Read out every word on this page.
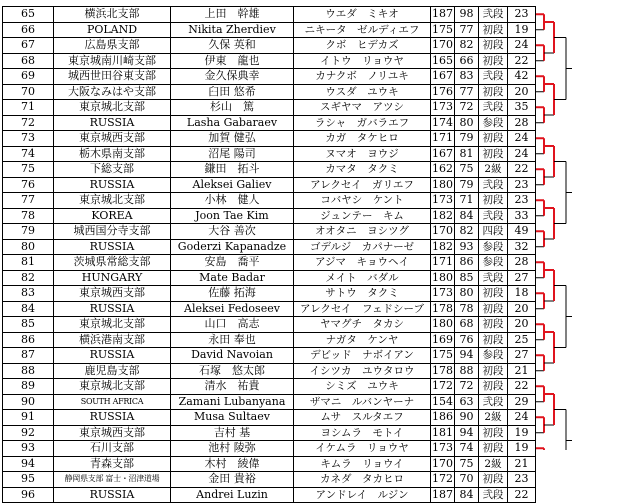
65	横浜北支部	上田　幹雄	ウエダ　ミキオ	187	98	弐段	23
66	POLAND	Nikita Zherdiev	ニキータ　ゼルディエフ	175	77	初段	19
67	広島県支部	久保 英和	クボ　ヒデカズ	170	82	初段	24
68	東京城南川崎支部	伊東　龍也	イトウ　リョウヤ	165	66	初段	22
69	城西世田谷東支部	金久保典幸	カナクボ　ノリユキ	167	83	弐段	42
70	大阪なみはや支部	臼田 悠希	ウスダ　ユウキ	176	77	初段	20
71	東京城北支部	杉山　篤	スギヤマ　アツシ	173	72	弐段	35
72	RUSSIA	Lasha Gabaraev	ラシャ　ガバラエフ	174	80	参段	28
73	東京城西支部	加賀 健弘	カガ　タケヒロ	171	79	初段	24
74	栃木県南支部	沼尾 陽司	ヌマオ　ヨウジ	167	81	初段	24
75	下総支部	鎌田　拓斗	カマタ　タクミ	162	75	2級	22
76	RUSSIA	Aleksei Galiev	アレクセイ　ガリエフ	180	79	弐段	23
77	東京城北支部	小林　健人	コバヤシ　ケント	173	71	初段	23
78	KOREA	Joon Tae Kim	ジュンテー　キム	182	84	弐段	33
79	城西国分寺支部	大谷 善次	オオタニ　ヨシツグ	170	82	四段	49
80	RUSSIA	Goderzi Kapanadze	ゴデルジ　カパナーゼ	182	93	参段	32
81	茨城県常総支部	安島　喬平	アジマ　キョウヘイ	171	86	参段	28
82	HUNGARY	Mate Badar	メイト　バダル	180	85	弐段	27
83	東京城西支部	佐藤 拓海	サトウ　タクミ	173	80	初段	18
84	RUSSIA	Aleksei Fedoseev	アレクセイ　フェドシーブ	178	78	初段	20
85	東京城北支部	山口　高志	ヤマグチ　タカシ	180	68	初段	20
86	横浜港南支部	永田 奉也	ナガタ　ケンヤ	169	76	初段	25
87	RUSSIA	David Navoian	デビッド　ナボイアン	175	94	参段	27
88	鹿児島支部	石塚　悠太郎	イシツカ　ユウタロウ	178	88	初段	21
89	東京城北支部	清水　祐貴	シミズ　ユウキ	172	72	初段	22
90	SOUTH AFRICA	Zamani Lubanyana	ザマニ　ルバンヤーナ	154	63	弐段	29
91	RUSSIA	Musa Sultaev	ムサ　スルタエフ	186	90	2級	24
92	東京城西支部	吉村 基	ヨシムラ　モトイ	181	94	初段	19
93	石川支部	池村 陵弥	イケムラ　リョウヤ	173	74	初段	19
94	青森支部	木村　綾偉	キムラ　リョウイ	170	75	2級	21
95	静岡県支部 富士・沼津道場	金田 貴裕	カネダ　タカヒロ	172	70	初段	23
96	RUSSIA	Andrei Luzin	アンドレイ　ルジン	187	84	弐段	22
